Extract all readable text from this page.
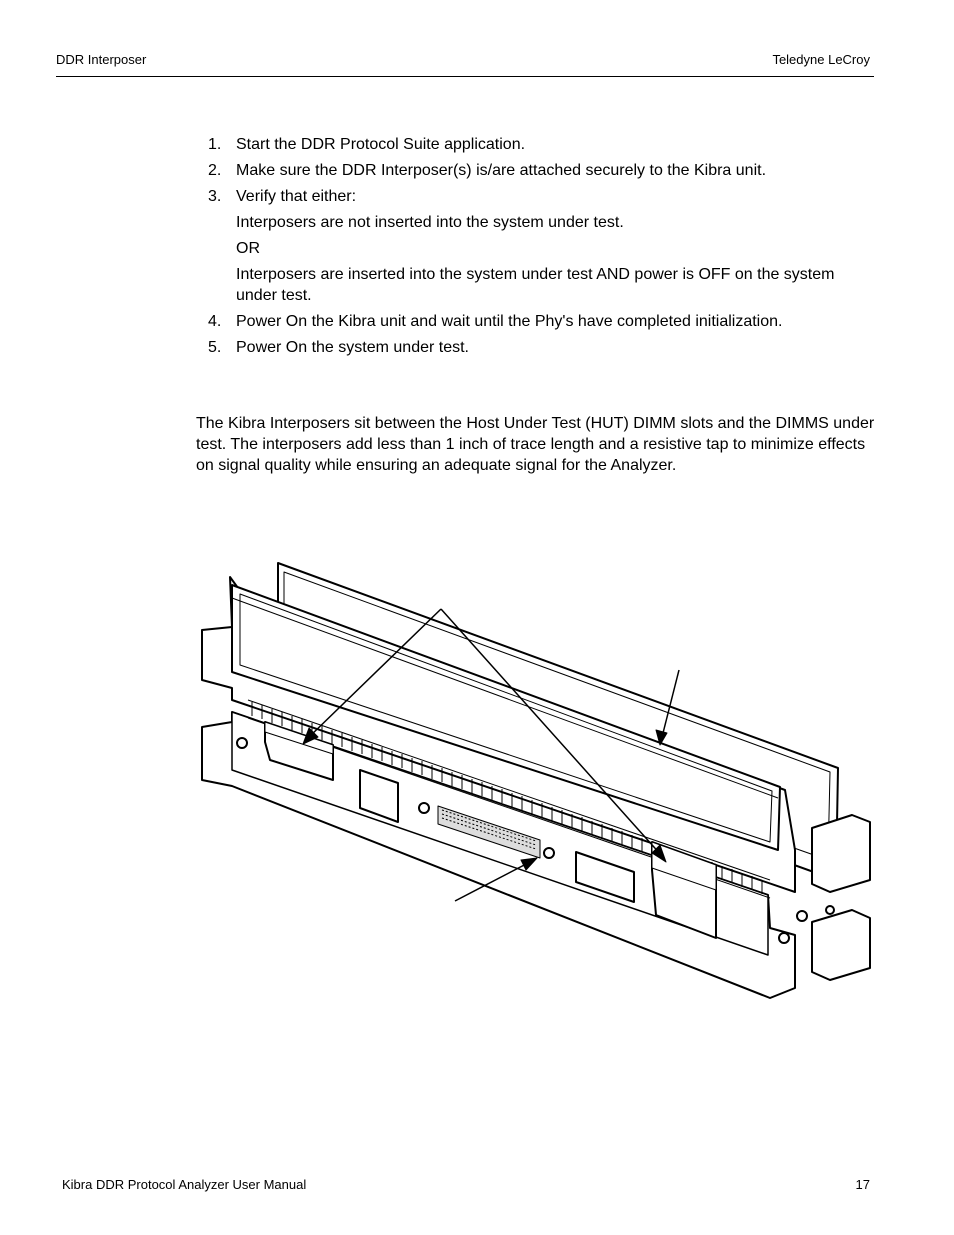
DDR Interposer	Teledyne LeCroy
1. Start the DDR Protocol Suite application.
2. Make sure the DDR Interposer(s) is/are attached securely to the Kibra unit.
3. Verify that either:
Interposers are not inserted into the system under test.
OR
Interposers are inserted into the system under test AND power is OFF on the system under test.
4. Power On the Kibra unit and wait until the Phy's have completed initialization.
5. Power On the system under test.

The Kibra Interposers sit between the Host Under Test (HUT) DIMM slots and the DIMMS under test. The interposers add less than 1 inch of trace length and a resistive tap to minimize effects on signal quality while ensuring an adequate signal for the Analyzer.

Kibra DDR Protocol Analyzer User Manual	17
